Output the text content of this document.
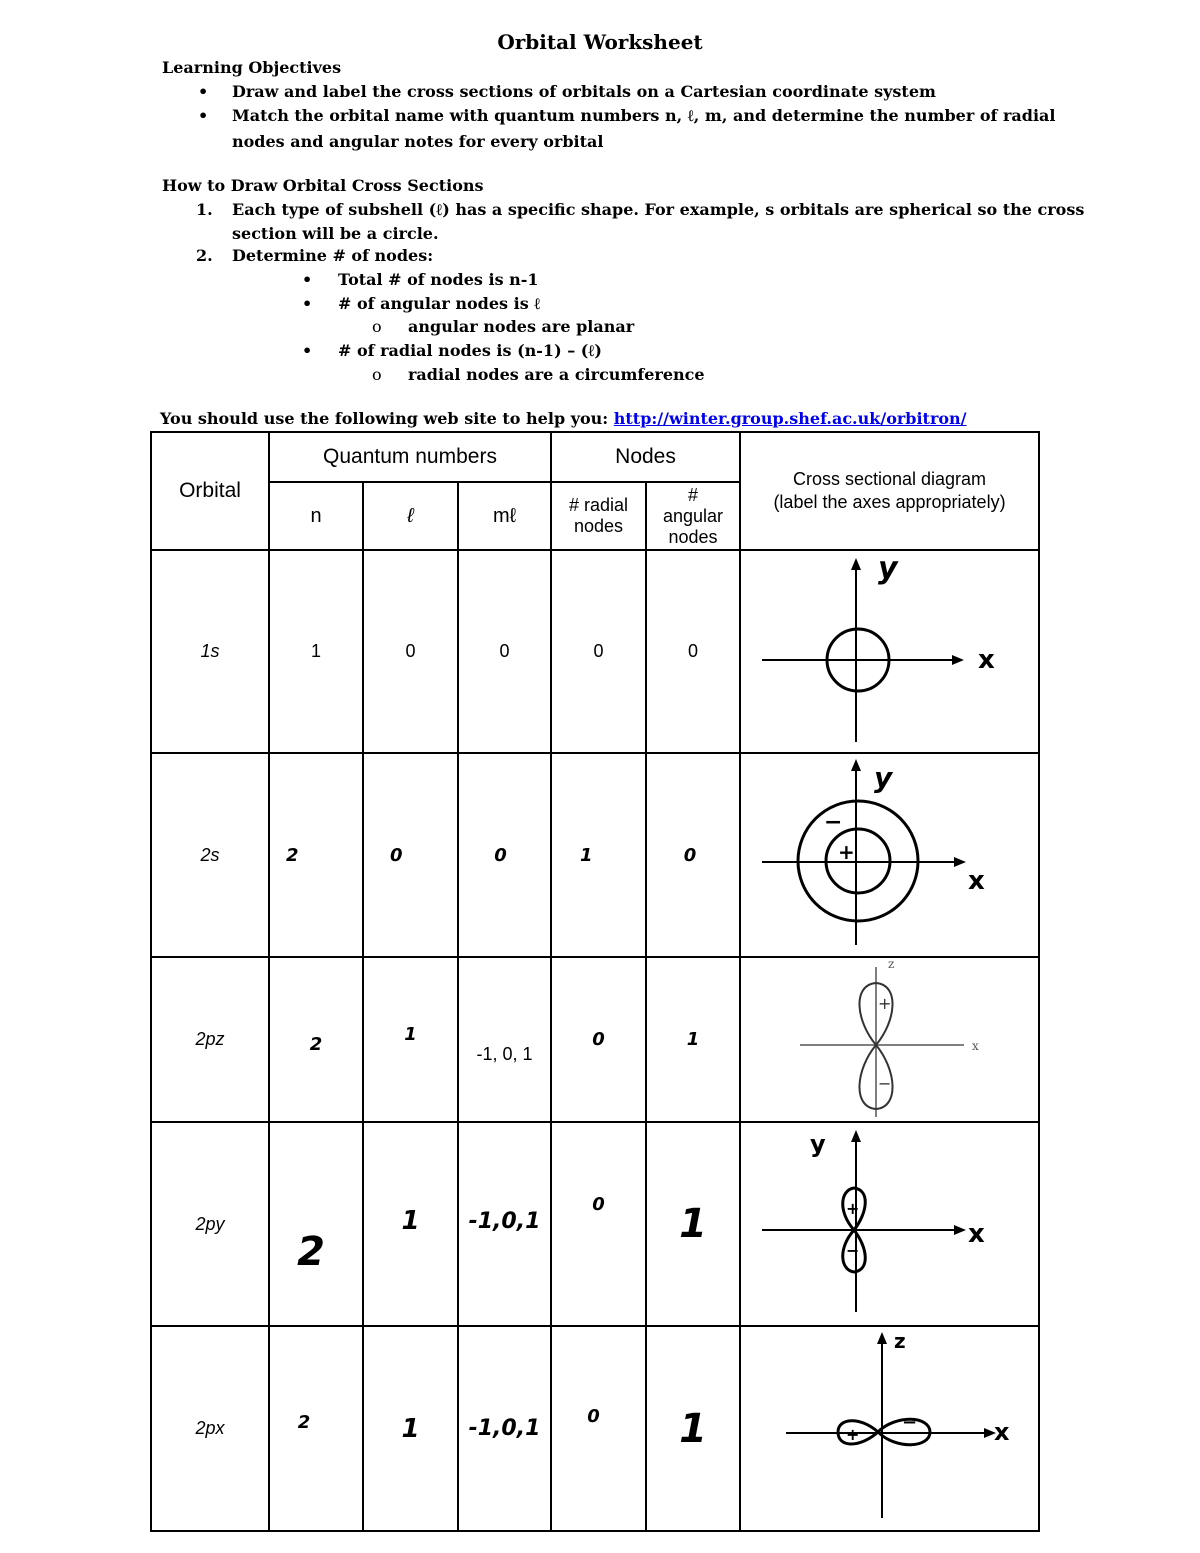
Orbital Worksheet
Learning Objectives
• Draw and label the cross sections of orbitals on a Cartesian coordinate system
• Match the orbital name with quantum numbers n, ℓ, m, and determine the number of radial
nodes and angular notes for every orbital
How to Draw Orbital Cross Sections
1. Each type of subshell (ℓ) has a specific shape. For example, s orbitals are spherical so the cross
section will be a circle.
2. Determine # of nodes:
• Total # of nodes is n-1
• # of angular nodes is ℓ
o angular nodes are planar
• # of radial nodes is (n-1) – (ℓ)
o radial nodes are a circumference
You should use the following web site to help you: http://winter.group.shef.ac.uk/orbitron/
Orbital	Quantum numbers			Nodes		Cross sectional diagram
(label the axes appropriately)

	n	ℓ	mℓ	# radial nodes	# angular nodes	
1s	1	0	0	0	0	x
y

2s	2	0	0	1	0	+
−
x
y

2pz	2	1	-1, 0, 1	0	1	+
−
x
z

2py	2	1	-1,0,1	0	1	+
−
x
y

2px	2	1	-1,0,1	0	1	+
− x
z
